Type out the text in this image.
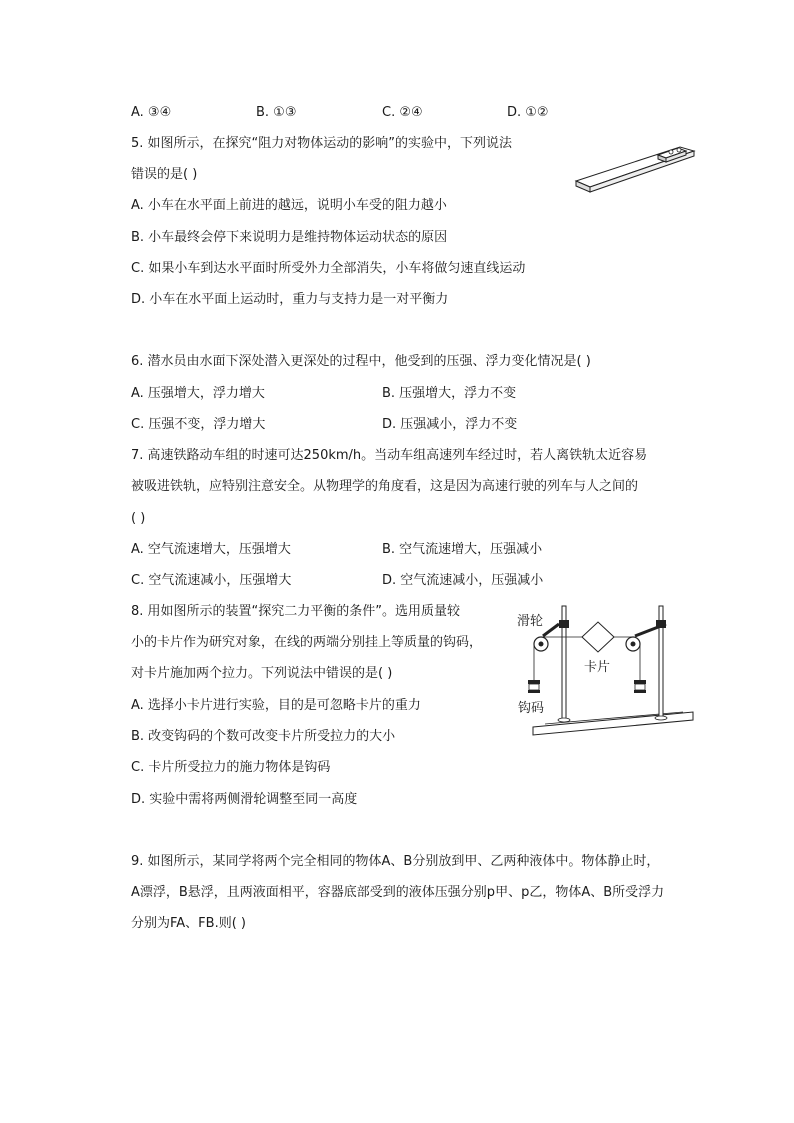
A. ③④	B. ①③	C. ②④	D. ①②
5. 如图所示，在探究“阻力对物体运动的影响”的实验中，下列说法
错误的是( )
A. 小车在水平面上前进的越远，说明小车受的阻力越小
B. 小车最终会停下来说明力是维持物体运动状态的原因
C. 如果小车到达水平面时所受外力全部消失，小车将做匀速直线运动
D. 小车在水平面上运动时，重力与支持力是一对平衡力
6. 潜水员由水面下深处潜入更深处的过程中，他受到的压强、浮力变化情况是( )
A. 压强增大，浮力增大	B. 压强增大，浮力不变
C. 压强不变，浮力增大	D. 压强减小，浮力不变
7. 高速铁路动车组的时速可达250km/h。当动车组高速列车经过时，若人离铁轨太近容易
被吸进铁轨，应特别注意安全。从物理学的角度看，这是因为高速行驶的列车与人之间的
( )
A. 空气流速增大，压强增大	B. 空气流速增大，压强减小
C. 空气流速减小，压强增大	D. 空气流速减小，压强减小
8. 用如图所示的装置“探究二力平衡的条件”。选用质量较
小的卡片作为研究对象，在线的两端分别挂上等质量的钩码，
对卡片施加两个拉力。下列说法中错误的是( )
A. 选择小卡片进行实验，目的是可忽略卡片的重力
B. 改变钩码的个数可改变卡片所受拉力的大小
C. 卡片所受拉力的施力物体是钩码
D. 实验中需将两侧滑轮调整至同一高度
滑轮
卡片
钩码
9. 如图所示，某同学将两个完全相同的物体A、B分别放到甲、乙两种液体中。物体静止时，
A漂浮，B悬浮，且两液面相平，容器底部受到的液体压强分别p甲、p乙，物体A、B所受浮力
分别为FA、FB.则( )
